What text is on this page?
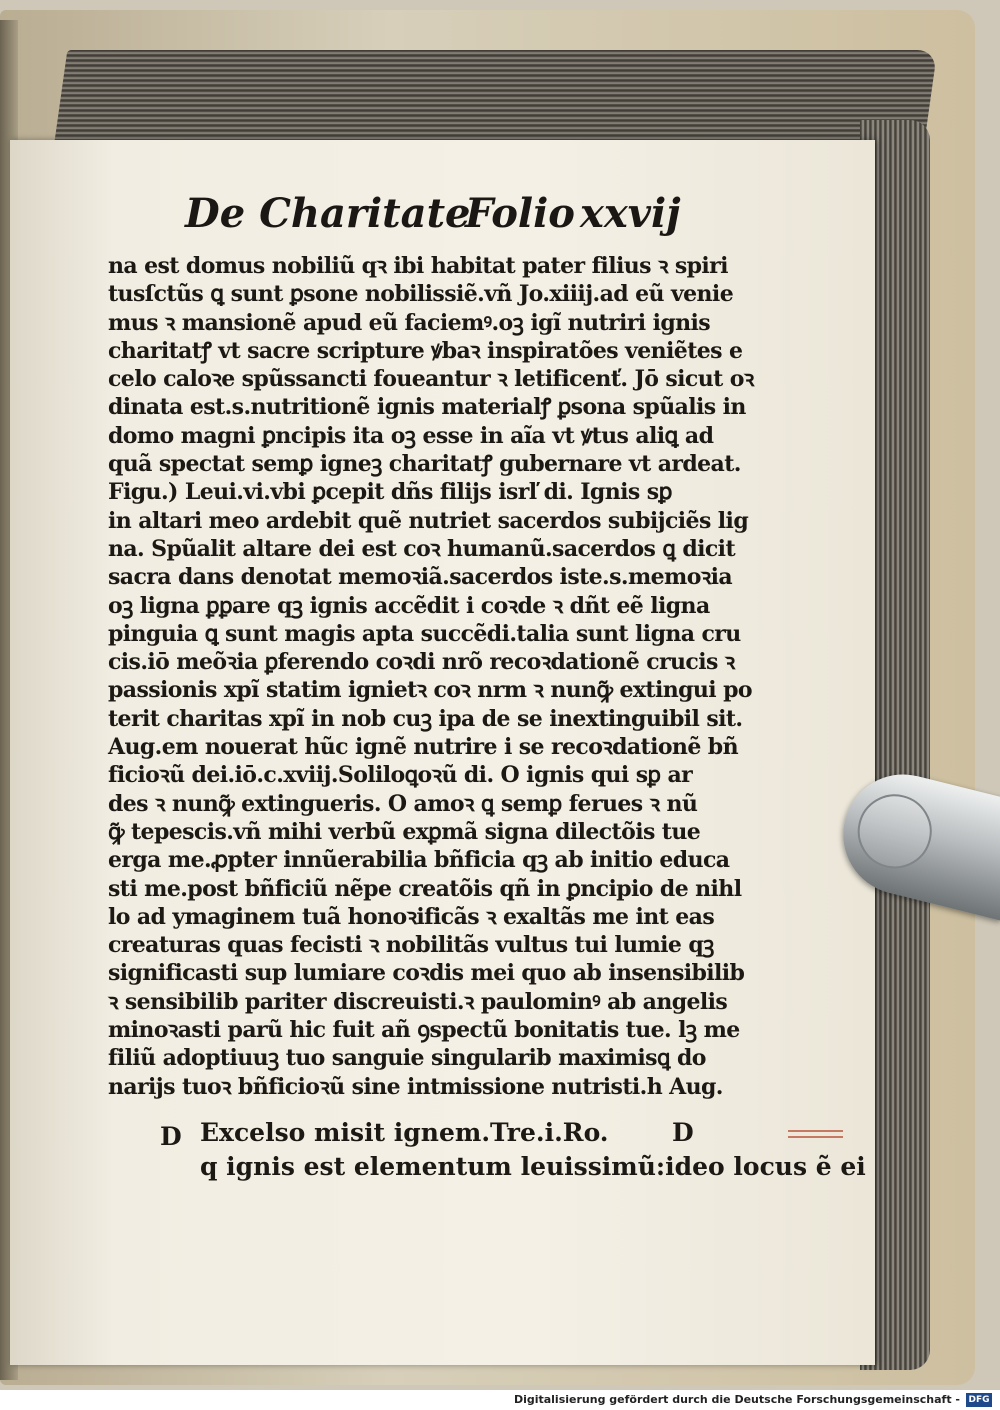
De Charitate
Folio xxvij
na est domus nobiliũ qꝛ ibi habitat pater filius ꝛ spiri
tusſctũs ꝗ sunt ꝑsone nobilissiẽ.vñ Jo.xiiij.ad eũ venie
mus ꝛ mansionẽ apud eũ faciemꝰ.oꝫ igĩ nutriri ignis
charitatꝭ vt sacre scripture ꝟbaꝛ inspiratões veniẽtes e
celo caloꝛe spũssancti foueantur ꝛ letificenť. Jō sicut oꝛ
dinata est.s.nutritionẽ ignis materialꝭ ꝑsona spũalis in
domo magni ꝑncipis ita oꝫ esse in aĩa vt ꝟtus aliꝗ ad
quã spectat semꝑ igneꝫ charitatꝭ gubernare vt ardeat.
Figu.) Leui.vi.vbi ꝑcepit dñs filijs isrľ di. Ignis sꝑ
in altari meo ardebit quẽ nutriet sacerdos subijciẽs lig
na. Spũalit altare dei est coꝛ humanũ.sacerdos ꝗ dicit
sacra dans denotat memoꝛiã.sacerdos iste.s.memoꝛia
oꝫ ligna ꝑꝑare qꝫ ignis accẽdit i coꝛde ꝛ dñt eẽ ligna
pinguia ꝗ sunt magis apta succẽdi.talia sunt ligna cru
cis.iō meõꝛia ꝑferendo coꝛdi nrõ recoꝛdationẽ crucis ꝛ
passionis xpĩ statim ignietꝛ coꝛ nrm ꝛ nunꝙ̃ extingui po
terit charitas xpĩ in nob cuꝫ ipa de se inextinguibil sit.
Aug.em nouerat hũc ignẽ nutrire i se recoꝛdationẽ bñ
ficioꝛũ dei.iō.c.xviij.Soliloꝗoꝛũ di. O ignis qui sꝑ ar
des ꝛ nunꝙ̃ extingueris. O amoꝛ ꝗ semꝑ ferues ꝛ nũ
ꝙ̃ tepescis.vñ mihi verbũ exꝑmã signa dilectõis tue
erga me.ꝓpter innũerabilia bñficia qꝫ ab initio educa
sti me.post bñficiũ nẽpe creatõis qñ in ꝑncipio de nihl
lo ad ymaginem tuã honoꝛificãs ꝛ exaltãs me int eas
creaturas quas fecisti ꝛ nobilitãs vultus tui lumie qꝫ
significasti sup lumiare coꝛdis mei quo ab insensibilib
ꝛ sensibilib pariter discreuisti.ꝛ paulominꝰ ab angelis
minoꝛasti parũ hic fuit añ ꝯspectũ bonitatis tue. lꝫ me
filiũ adoptiuuꝫ tuo sanguie singularib maximisꝗ do
narijs tuoꝛ bñficioꝛũ sine intmissione nutristi.h Aug.
D Excelso misit ignem.Tre.i.Ro.	D
q ignis est elementum leuissimũ:ideo locus ẽ ei
Digitalisierung gefördert durch die Deutsche Forschungsgemeinschaft - DFG
